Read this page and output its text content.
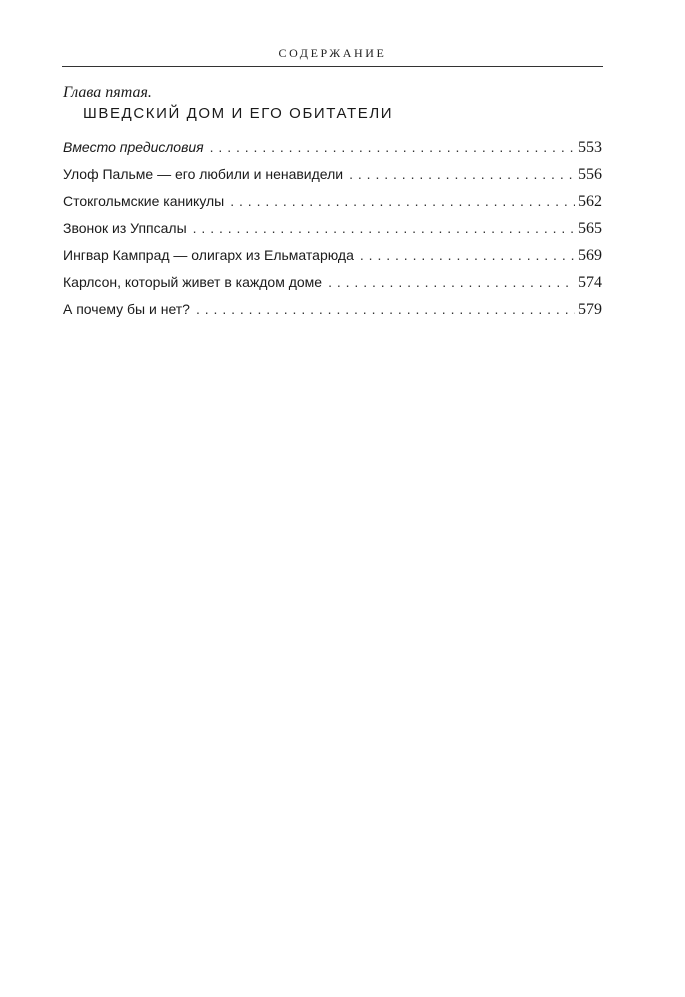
СОДЕРЖАНИЕ
Глава пятая.
ШВЕДСКИЙ ДОМ И ЕГО ОБИТАТЕЛИ
Вместо предисловия . . .	553
Улоф Пальме — его любили и ненавидели . . .	556
Стокгольмские каникулы . . .	562
Звонок из Уппсалы . . .	565
Ингвар Кампрад — олигарх из Ельматарюда . . .	569
Карлсон, который живет в каждом доме . . .	574
А почему бы и нет? . . .	579
